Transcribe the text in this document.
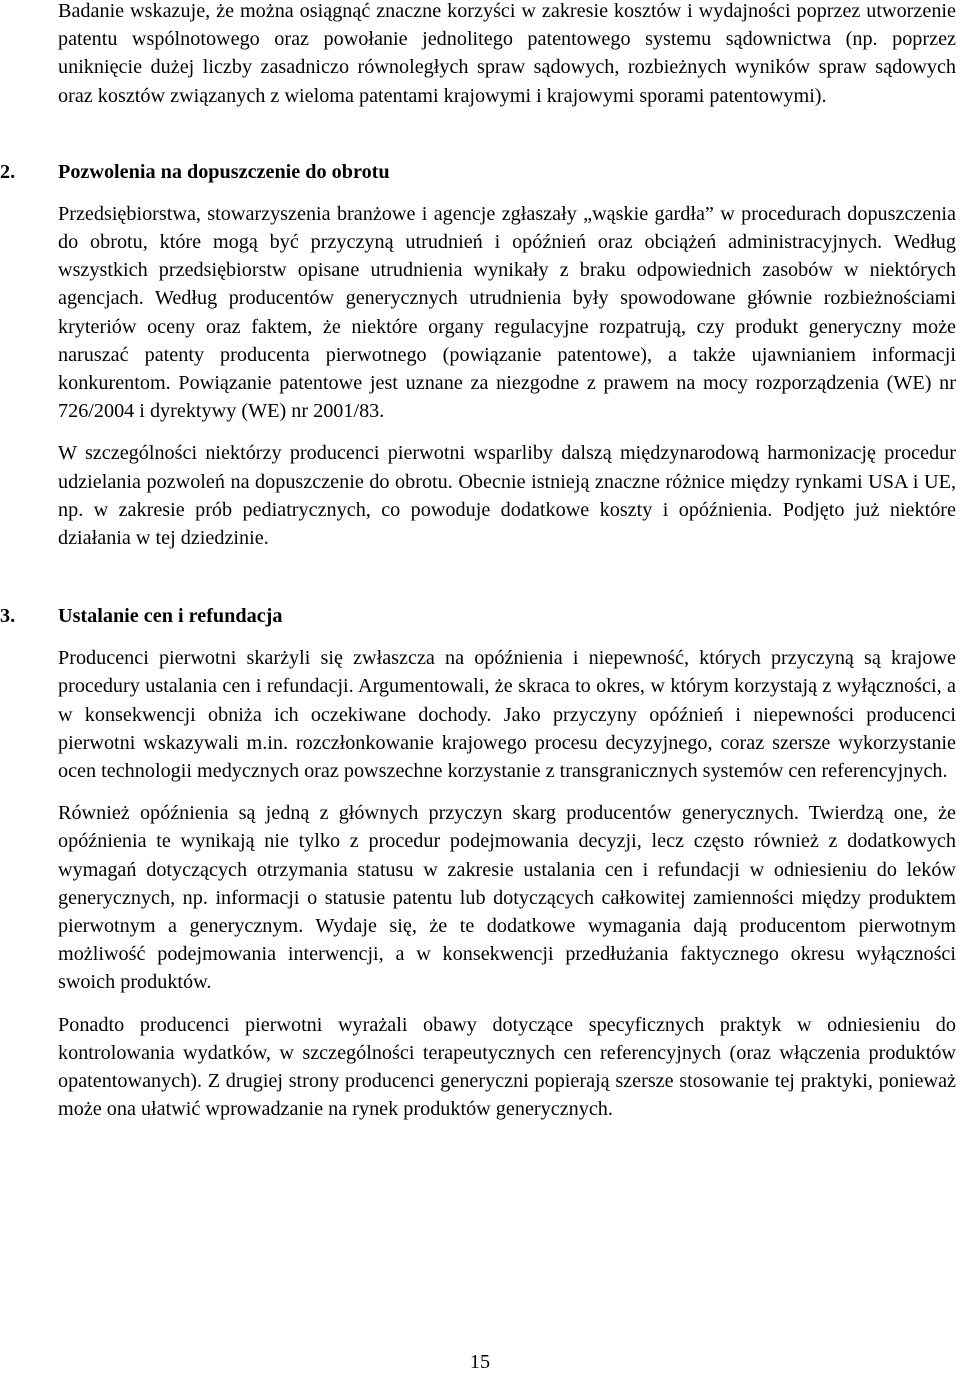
Badanie wskazuje, że można osiągnąć znaczne korzyści w zakresie kosztów i wydajności poprzez utworzenie patentu wspólnotowego oraz powołanie jednolitego patentowego systemu sądownictwa (np. poprzez uniknięcie dużej liczby zasadniczo równoległych spraw sądowych, rozbieżnych wyników spraw sądowych oraz kosztów związanych z wieloma patentami krajowymi i krajowymi sporami patentowymi).

2. Pozwolenia na dopuszczenie do obrotu

Przedsiębiorstwa, stowarzyszenia branżowe i agencje zgłaszały „wąskie gardła” w procedurach dopuszczenia do obrotu, które mogą być przyczyną utrudnień i opóźnień oraz obciążeń administracyjnych. Według wszystkich przedsiębiorstw opisane utrudnienia wynikały z braku odpowiednich zasobów w niektórych agencjach. Według producentów generycznych utrudnienia były spowodowane głównie rozbieżnościami kryteriów oceny oraz faktem, że niektóre organy regulacyjne rozpatrują, czy produkt generyczny może naruszać patenty producenta pierwotnego (powiązanie patentowe), a także ujawnianiem informacji konkurentom. Powiązanie patentowe jest uznane za niezgodne z prawem na mocy rozporządzenia (WE) nr 726/2004 i dyrektywy (WE) nr 2001/83.

W szczególności niektórzy producenci pierwotni wsparliby dalszą międzynarodową harmonizację procedur udzielania pozwoleń na dopuszczenie do obrotu. Obecnie istnieją znaczne różnice między rynkami USA i UE, np. w zakresie prób pediatrycznych, co powoduje dodatkowe koszty i opóźnienia. Podjęto już niektóre działania w tej dziedzinie.

3. Ustalanie cen i refundacja

Producenci pierwotni skarżyli się zwłaszcza na opóźnienia i niepewność, których przyczyną są krajowe procedury ustalania cen i refundacji. Argumentowali, że skraca to okres, w którym korzystają z wyłączności, a w konsekwencji obniża ich oczekiwane dochody. Jako przyczyny opóźnień i niepewności producenci pierwotni wskazywali m.in. rozczłonkowanie krajowego procesu decyzyjnego, coraz szersze wykorzystanie ocen technologii medycznych oraz powszechne korzystanie z transgranicznych systemów cen referencyjnych.

Również opóźnienia są jedną z głównych przyczyn skarg producentów generycznych. Twierdzą one, że opóźnienia te wynikają nie tylko z procedur podejmowania decyzji, lecz często również z dodatkowych wymagań dotyczących otrzymania statusu w zakresie ustalania cen i refundacji w odniesieniu do leków generycznych, np. informacji o statusie patentu lub dotyczących całkowitej zamienności między produktem pierwotnym a generycznym. Wydaje się, że te dodatkowe wymagania dają producentom pierwotnym możliwość podejmowania interwencji, a w konsekwencji przedłużania faktycznego okresu wyłączności swoich produktów.

Ponadto producenci pierwotni wyrażali obawy dotyczące specyficznych praktyk w odniesieniu do kontrolowania wydatków, w szczególności terapeutycznych cen referencyjnych (oraz włączenia produktów opatentowanych). Z drugiej strony producenci generyczni popierają szersze stosowanie tej praktyki, ponieważ może ona ułatwić wprowadzanie na rynek produktów generycznych.

15
